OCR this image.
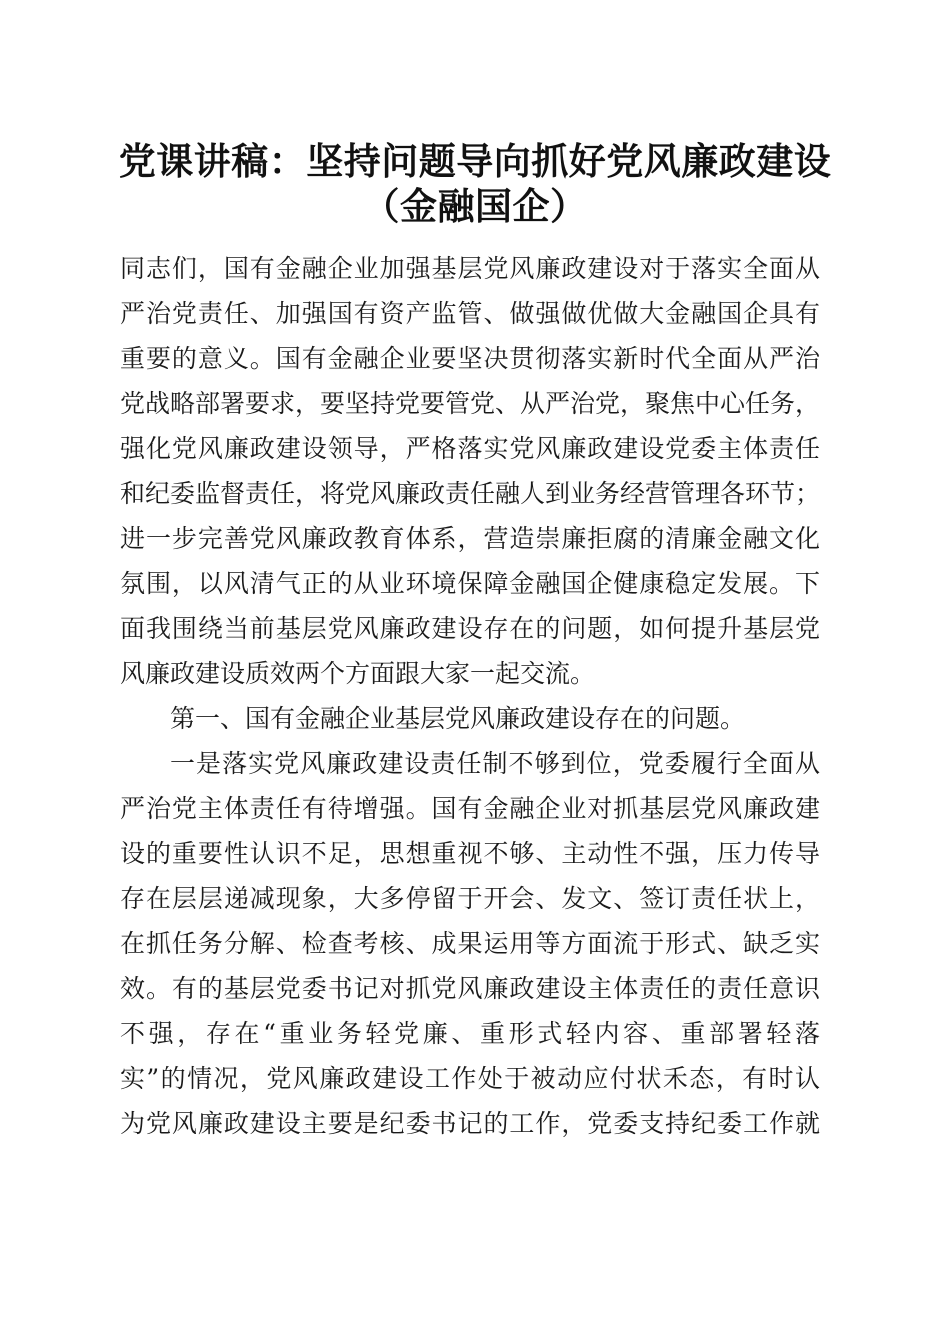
党课讲稿：坚持问题导向抓好党风廉政建设
（金融国企）
同志们，国有金融企业加强基层党风廉政建设对于落实全面从
严治党责任、加强国有资产监管、做强做优做大金融国企具有
重要的意义。国有金融企业要坚决贯彻落实新时代全面从严治
党战略部署要求，要坚持党要管党、从严治党，聚焦中心任务，
强化党风廉政建设领导，严格落实党风廉政建设党委主体责任
和纪委监督责任，将党风廉政责任融人到业务经营管理各环节；
进一步完善党风廉政教育体系，营造崇廉拒腐的清廉金融文化
氛围，以风清气正的从业环境保障金融国企健康稳定发展。下
面我围绕当前基层党风廉政建设存在的问题，如何提升基层党
风廉政建设质效两个方面跟大家一起交流。
第一、国有金融企业基层党风廉政建设存在的问题。
一是落实党风廉政建设责任制不够到位，党委履行全面从
严治党主体责任有待增强。国有金融企业对抓基层党风廉政建
设的重要性认识不足，思想重视不够、主动性不强，压力传导
存在层层递减现象，大多停留于开会、发文、签订责任状上，
在抓任务分解、检查考核、成果运用等方面流于形式、缺乏实
效。有的基层党委书记对抓党风廉政建设主体责任的责任意识
不强，存在“重业务轻党廉、重形式轻内容、重部署轻落
实”的情况，党风廉政建设工作处于被动应付状禾态，有时认
为党风廉政建设主要是纪委书记的工作，党委支持纪委工作就
